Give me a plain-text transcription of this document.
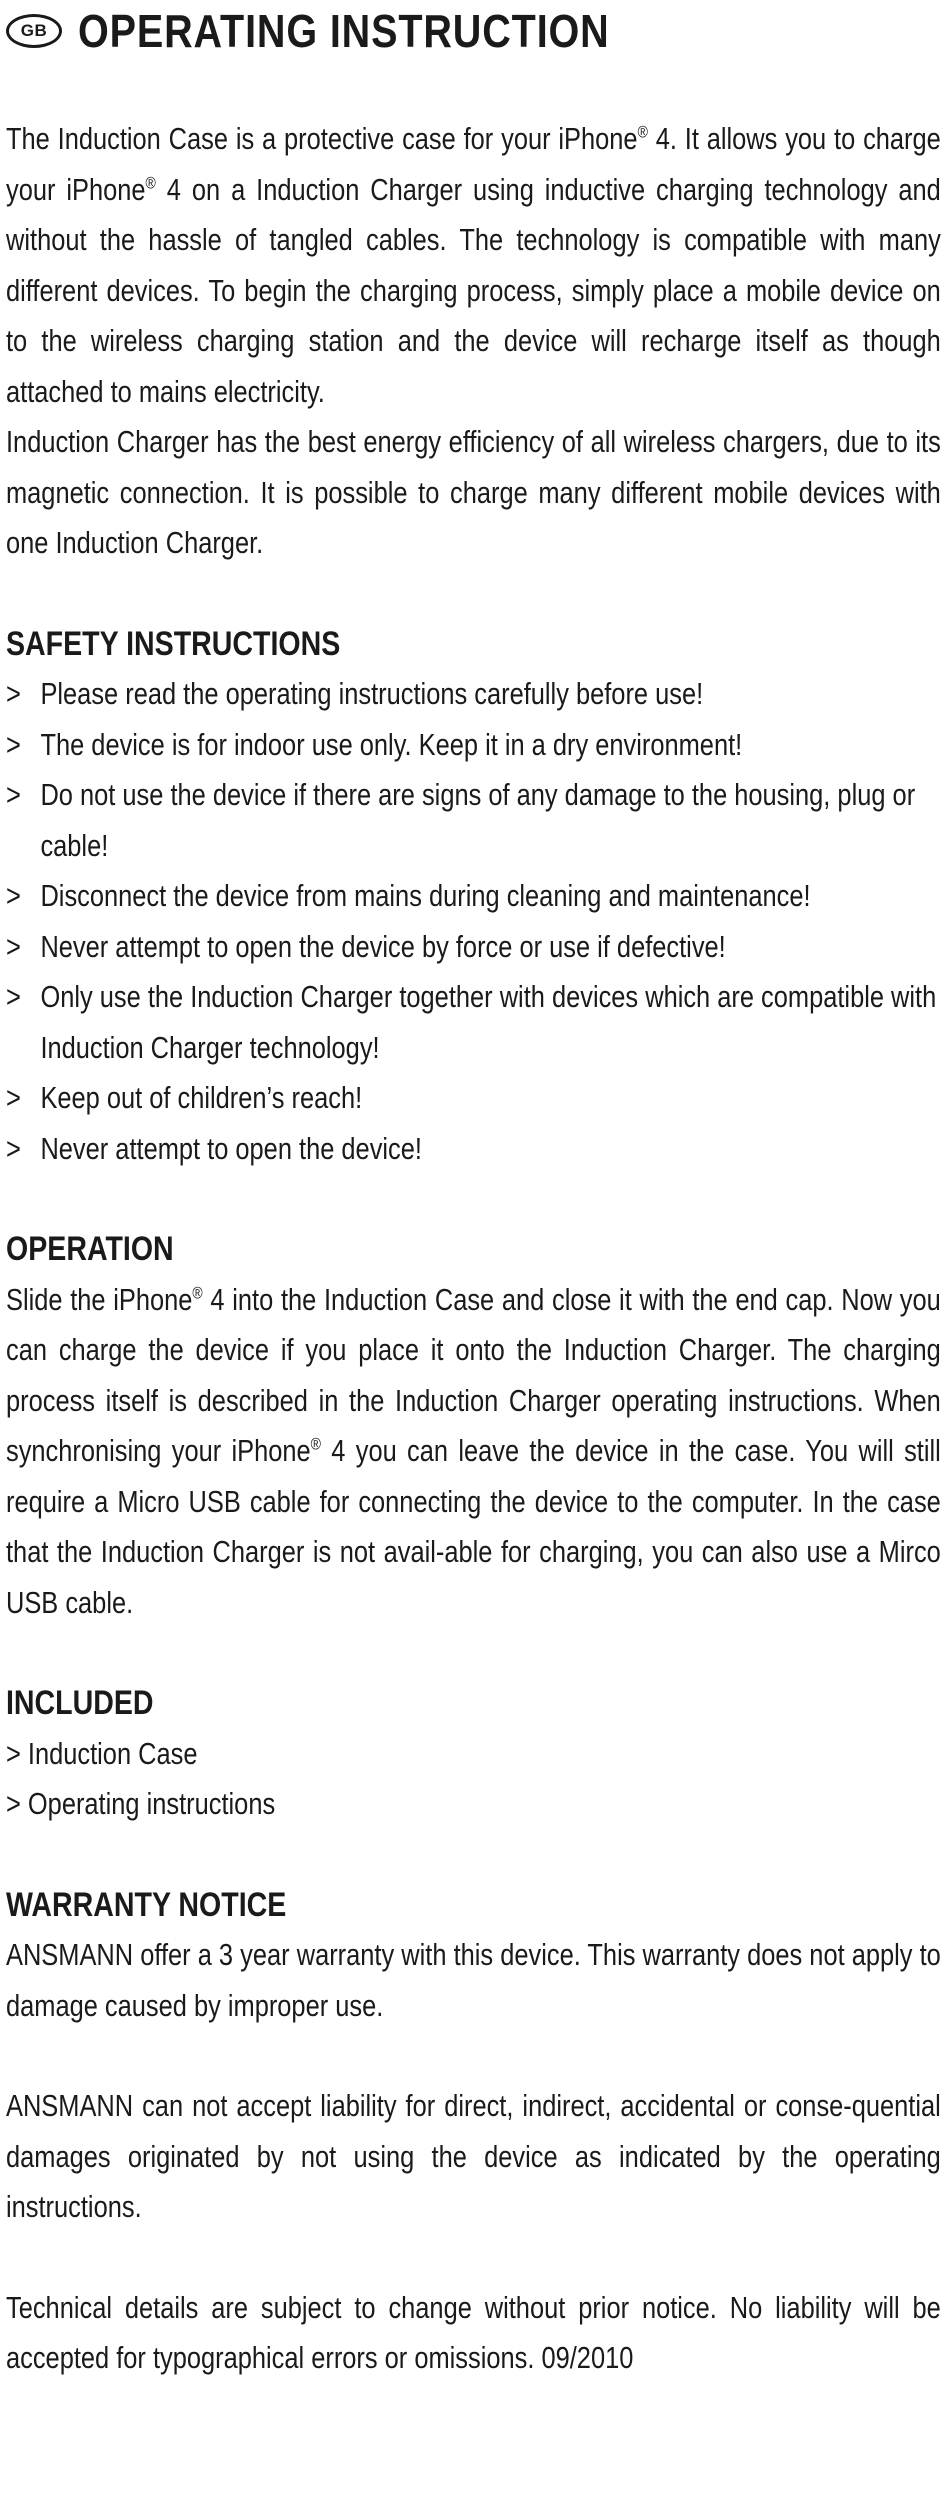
GB OPERATING INSTRUCTION

The Induction Case is a protective case for your iPhone® 4. It allows you to charge your iPhone® 4 on a Induction Charger using inductive charging technology and without the hassle of tangled cables. The technology is compatible with many different devices. To begin the charging process, simply place a mobile device on to the wireless charging station and the device will recharge itself as though attached to mains electricity.

Induction Charger has the best energy efficiency of all wireless chargers, due to its magnetic connection. It is possible to charge many different mobile devices with one Induction Charger.

SAFETY INSTRUCTIONS
> Please read the operating instructions carefully before use!
> The device is for indoor use only. Keep it in a dry environment!
> Do not use the device if there are signs of any damage to the housing, plug or cable!
> Disconnect the device from mains during cleaning and maintenance!
> Never attempt to open the device by force or use if defective!
> Only use the Induction Charger together with devices which are compatible with Induction Charger technology!
> Keep out of children’s reach!
> Never attempt to open the device!
OPERATION

Slide the iPhone® 4 into the Induction Case and close it with the end cap. Now you can charge the device if you place it onto the Induction Charger. The charging process itself is described in the Induction Charger operating instructions. When synchronising your iPhone® 4 you can leave the device in the case. You will still require a Micro USB cable for connecting the device to the computer. In the case that the Induction Charger is not avail-able for charging, you can also use a Mirco USB cable.

INCLUDED
> Induction Case
> Operating instructions
WARRANTY NOTICE

ANSMANN offer a 3 year warranty with this device. This warranty does not apply to damage caused by improper use.

ANSMANN can not accept liability for direct, indirect, accidental or conse-quential damages originated by not using the device as indicated by the operating instructions.

Technical details are subject to change without prior notice. No liability will be accepted for typographical errors or omissions. 09/2010
